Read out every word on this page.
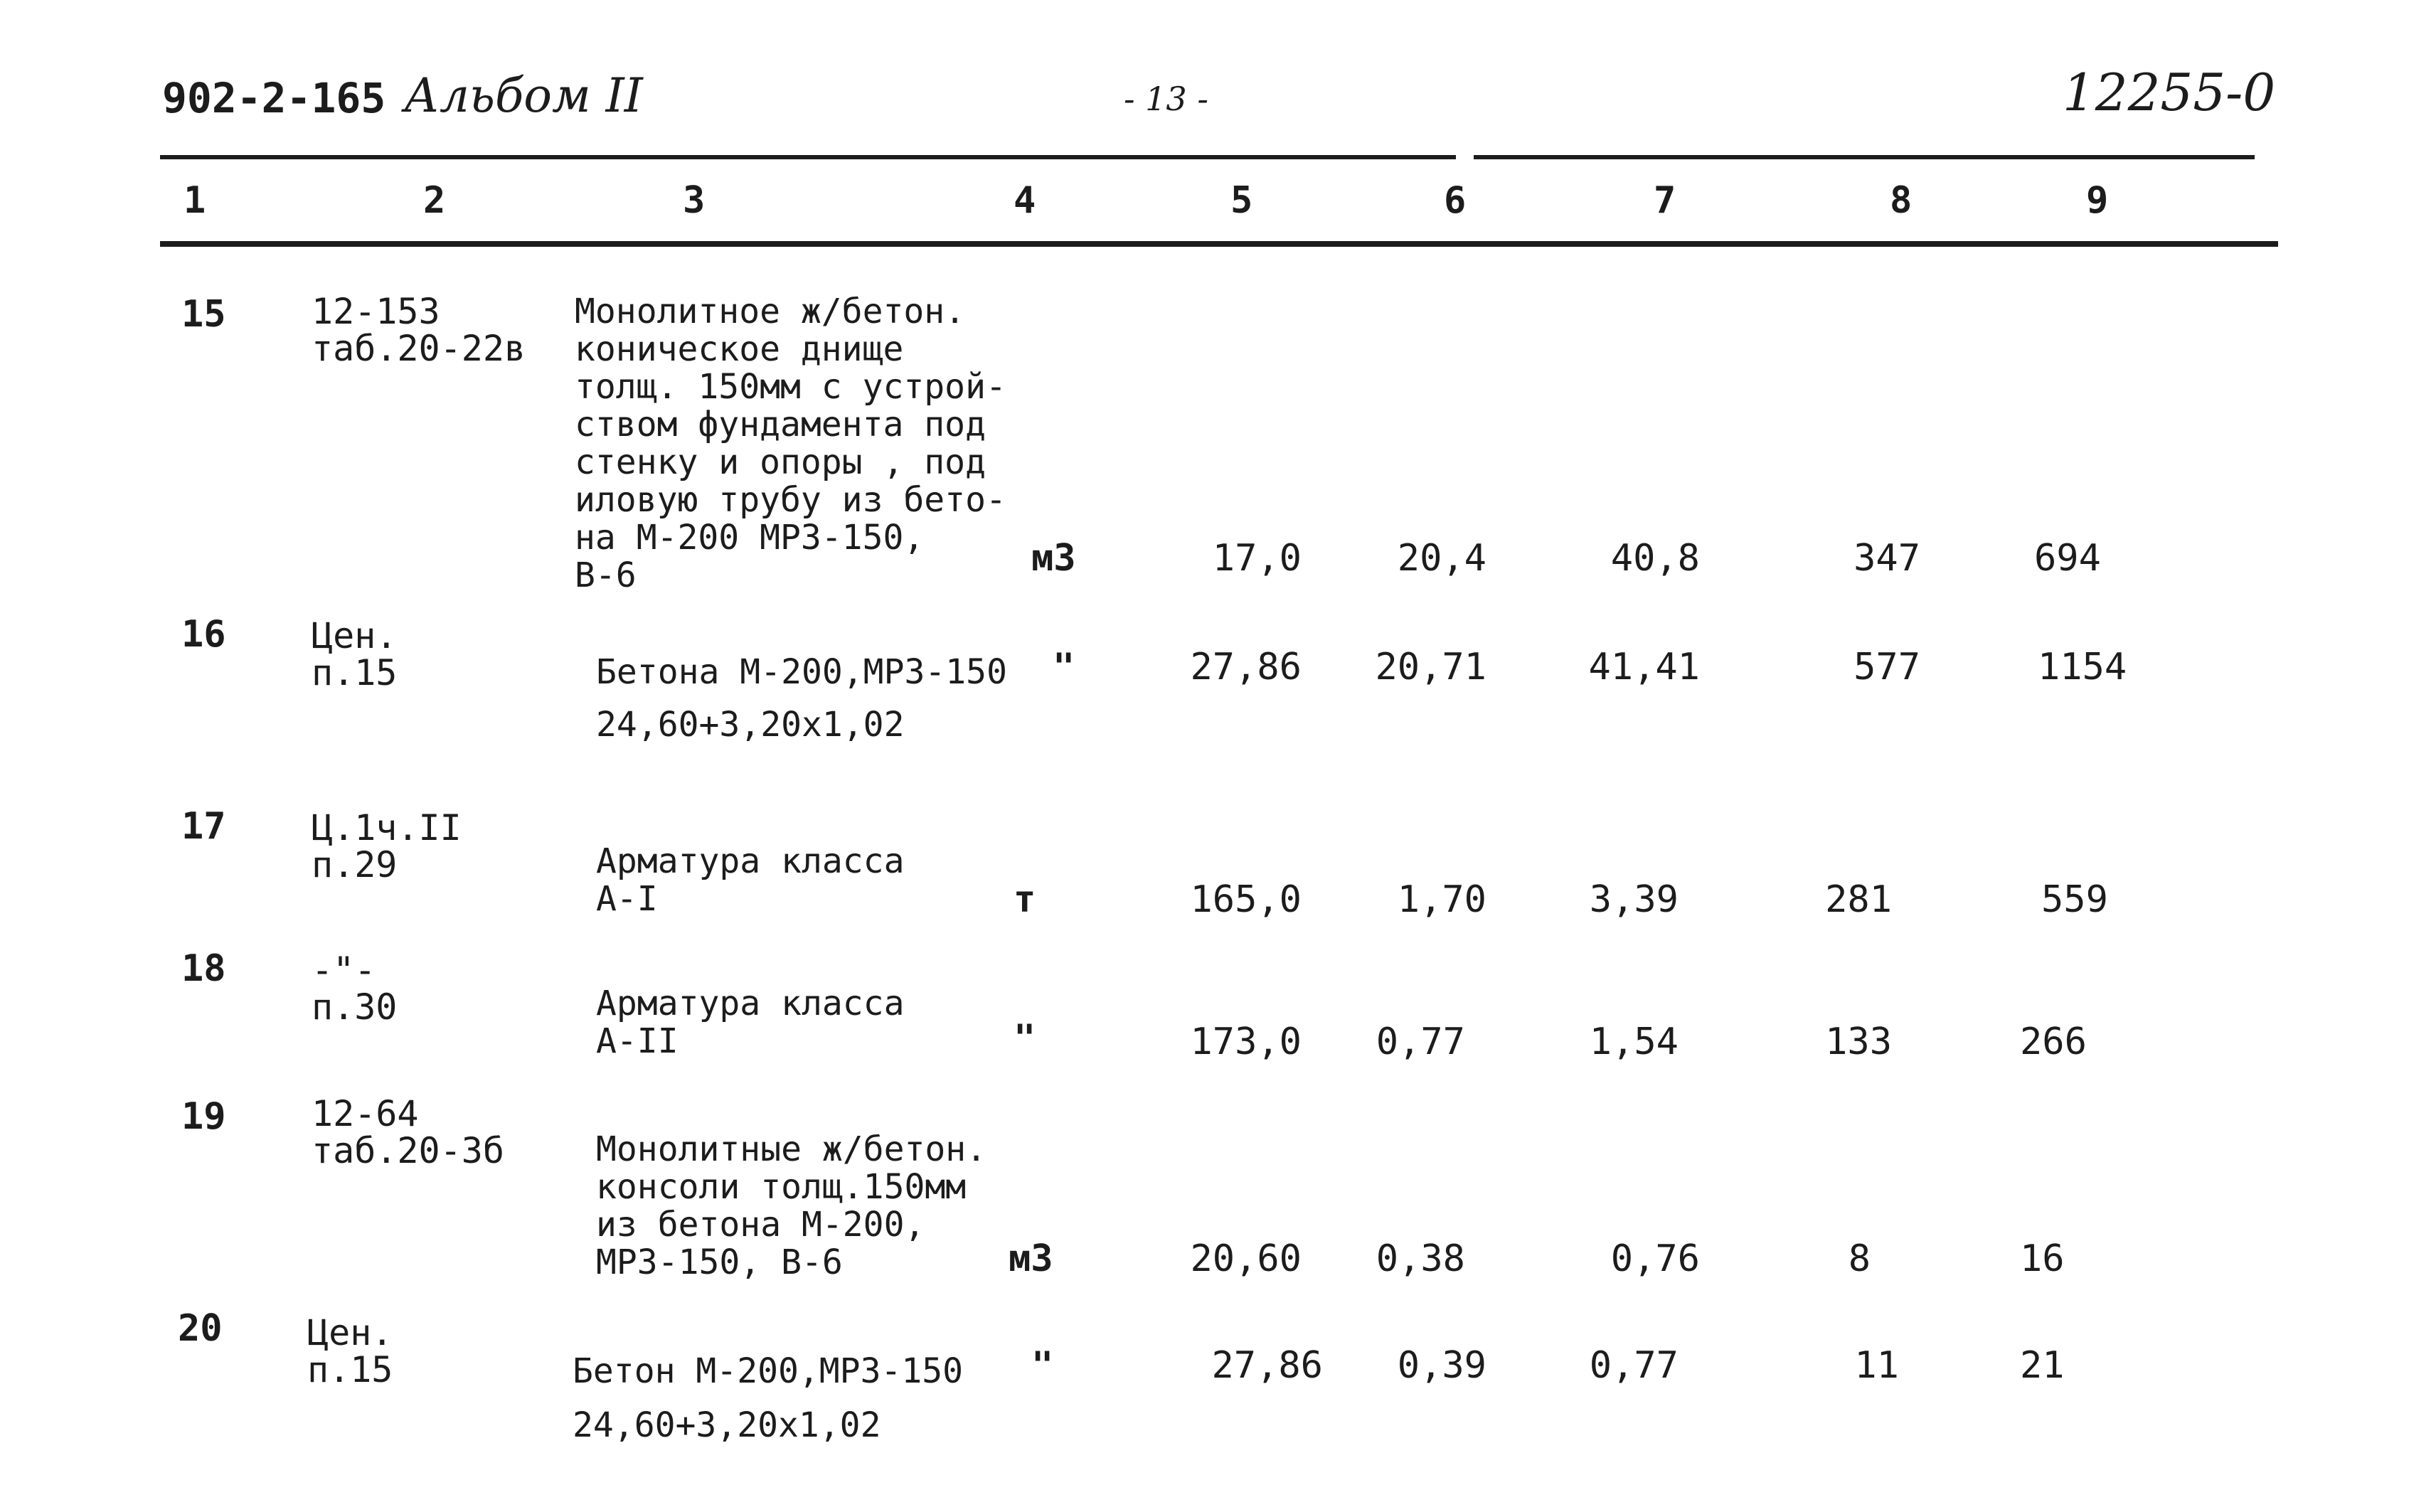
902-2-165 Альбом II	- 13 -	12255-0
1	2	3	4	5	6	7	8	9
15 12-153
таб.20-22в
Монолитное ж/бетон.
коническое днище
толщ. 150мм с устрой-
ством фундамента под
стенку и опоры , под
иловую трубу из бето-
на М-200 МРЗ-150,
В-6	м3	17,0	20,4	40,8	347	694
16 Цен.
п.15	Бетона М-200,МРЗ-150
24,60+3,20х1,02
"	27,86	20,71	41,41	577	1154
17 Ц.1ч.II
п.29	Арматура класса
А-I	т	165,0	1,70	3,39	281	559
18 -"-
п.30	Арматура класса
А-II	"	173,0	0,77	1,54	133	266
19 12-64
таб.20-3б	Монолитные ж/бетон.
консоли толщ.150мм
из бетона М-200,
МРЗ-150, В-6	м3	20,60	0,38	0,76	8	16
20 Цен.
п.15	Бетон М-200,МРЗ-150
24,60+3,20х1,02
"	27,86	0,39	0,77	11	21
